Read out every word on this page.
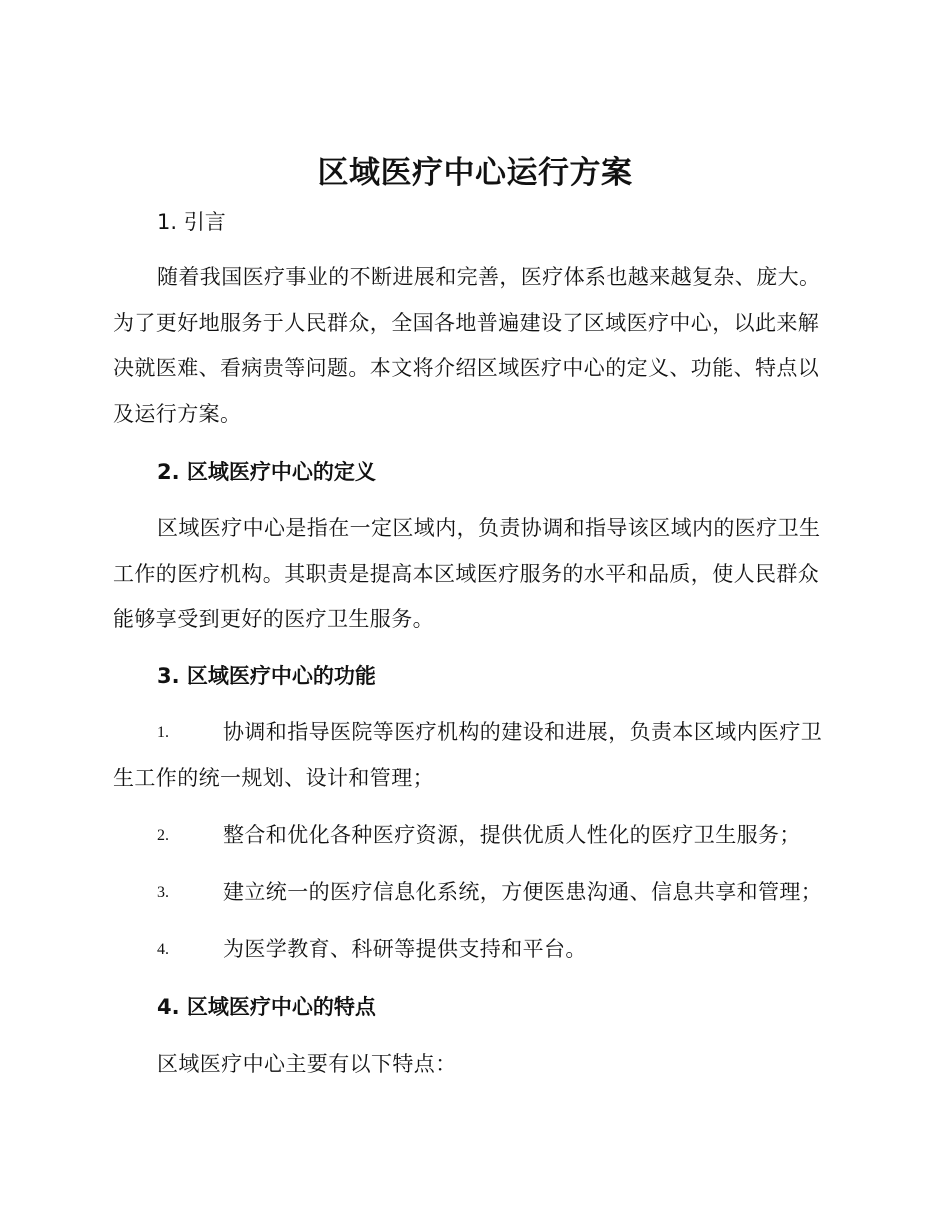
区域医疗中心运行方案
1. 引言
随着我国医疗事业的不断进展和完善，医疗体系也越来越复杂、庞大。
为了更好地服务于人民群众，全国各地普遍建设了区域医疗中心，以此来解
决就医难、看病贵等问题。本文将介绍区域医疗中心的定义、功能、特点以
及运行方案。
2. 区域医疗中心的定义
区域医疗中心是指在一定区域内，负责协调和指导该区域内的医疗卫生
工作的医疗机构。其职责是提高本区域医疗服务的水平和品质，使人民群众
能够享受到更好的医疗卫生服务。
3. 区域医疗中心的功能
1.	协调和指导医院等医疗机构的建设和进展，负责本区域内医疗卫
生工作的统一规划、设计和管理；
2.	整合和优化各种医疗资源，提供优质人性化的医疗卫生服务；
3.	建立统一的医疗信息化系统，方便医患沟通、信息共享和管理；
4.	为医学教育、科研等提供支持和平台。
4. 区域医疗中心的特点
区域医疗中心主要有以下特点：
